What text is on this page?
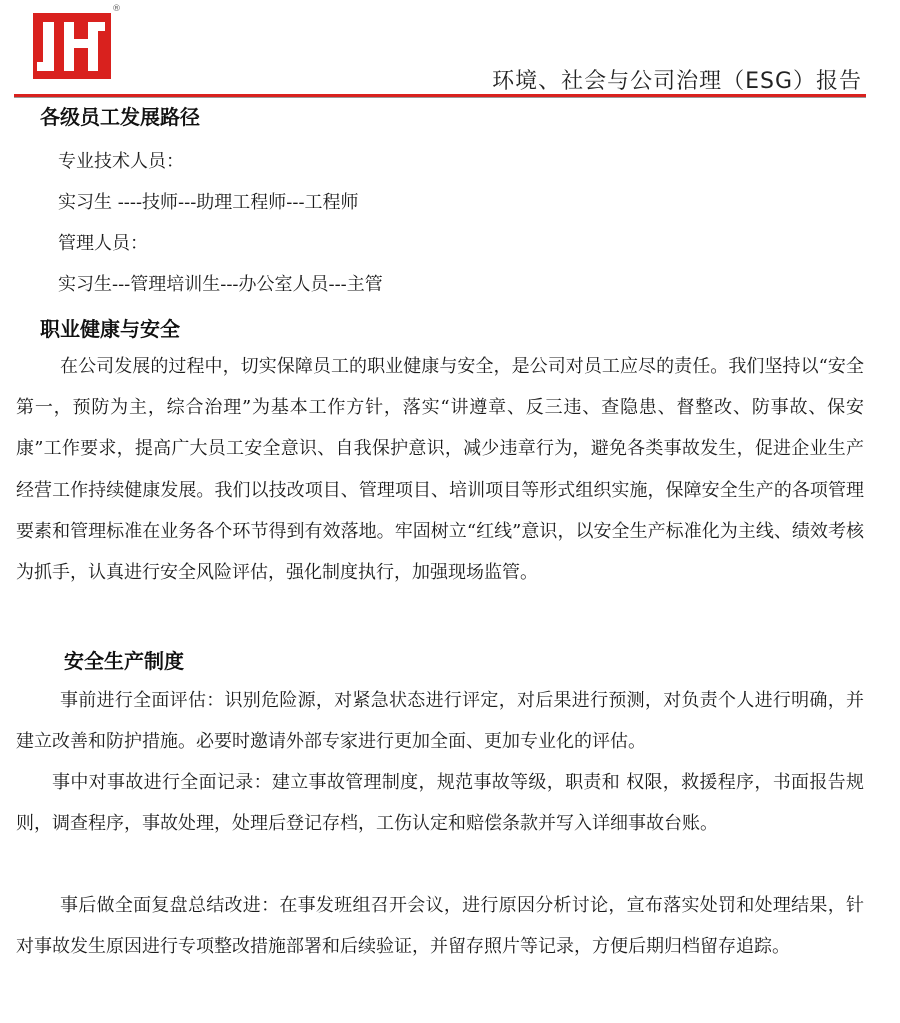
®
环境、社会与公司治理（ESG）报告
各级员工发展路径
专业技术人员：
实习生 ----技师---助理工程师---工程师
管理人员：
实习生---管理培训生---办公室人员---主管
职业健康与安全
在公司发展的过程中，切实保障员工的职业健康与安全，是公司对员工应尽的责任。我们坚持以“安全第一，预防为主，综合治理”为基本工作方针，落实“讲遵章、反三违、查隐患、督整改、防事故、保安康”工作要求，提高广大员工安全意识、自我保护意识，减少违章行为，避免各类事故发生，促进企业生产经营工作持续健康发展。我们以技改项目、管理项目、培训项目等形式组织实施，保障安全生产的各项管理要素和管理标准在业务各个环节得到有效落地。牢固树立“红线”意识，以安全生产标准化为主线、绩效考核为抓手，认真进行安全风险评估，强化制度执行，加强现场监管。
安全生产制度
事前进行全面评估：识别危险源，对紧急状态进行评定，对后果进行预测，对负责个人进行明确，并建立改善和防护措施。必要时邀请外部专家进行更加全面、更加专业化的评估。
事中对事故进行全面记录：建立事故管理制度，规范事故等级，职责和 权限，救援程序，书面报告规则，调查程序，事故处理，处理后登记存档，工伤认定和赔偿条款并写入详细事故台账。
事后做全面复盘总结改进：在事发班组召开会议，进行原因分析讨论，宣布落实处罚和处理结果，针对事故发生原因进行专项整改措施部署和后续验证，并留存照片等记录，方便后期归档留存追踪。
